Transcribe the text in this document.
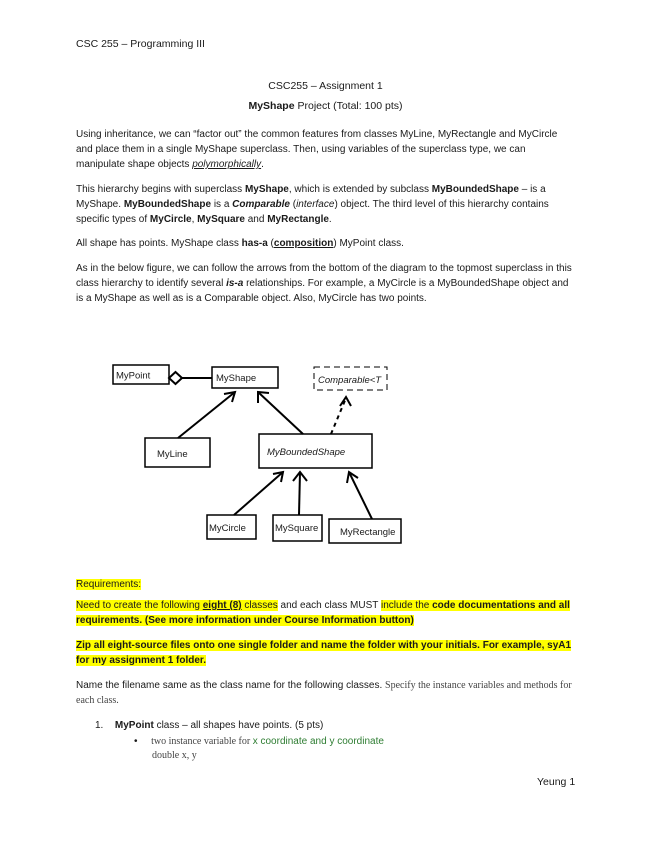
CSC 255 – Programming III
CSC255 – Assignment 1
MyShape Project (Total: 100 pts)
Using inheritance, we can “factor out” the common features from classes MyLine, MyRectangle and MyCircle and place them in a single MyShape superclass. Then, using variables of the superclass type, we can manipulate shape objects polymorphically.
This hierarchy begins with superclass MyShape, which is extended by subclass MyBoundedShape – is a MyShape. MyBoundedShape is a Comparable (interface) object. The third level of this hierarchy contains specific types of MyCircle, MySquare and MyRectangle.
All shape has points. MyShape class has-a (composition) MyPoint class.
As in the below figure, we can follow the arrows from the bottom of the diagram to the topmost superclass in this class hierarchy to identify several is-a relationships. For example, a MyCircle is a MyBoundedShape object and is a MyShape as well as is a Comparable object. Also, MyCircle has two points.
MyPoint	MyShape	Comparable<T
MyLine	MyBoundedShape
MyCircle	MySquare MyRectangle
Requirements:
Need to create the following eight (8) classes and each class MUST include the code documentations and all requirements. (See more information under Course Information button)
Zip all eight-source files onto one single folder and name the folder with your initials. For example, syA1 for my assignment 1 folder.
Name the filename same as the class name for the following classes. Specify the instance variables and methods for each class.
1. MyPoint class – all shapes have points. (5 pts)
• two instance variable for x coordinate and y coordinate
double x, y
Yeung 1
